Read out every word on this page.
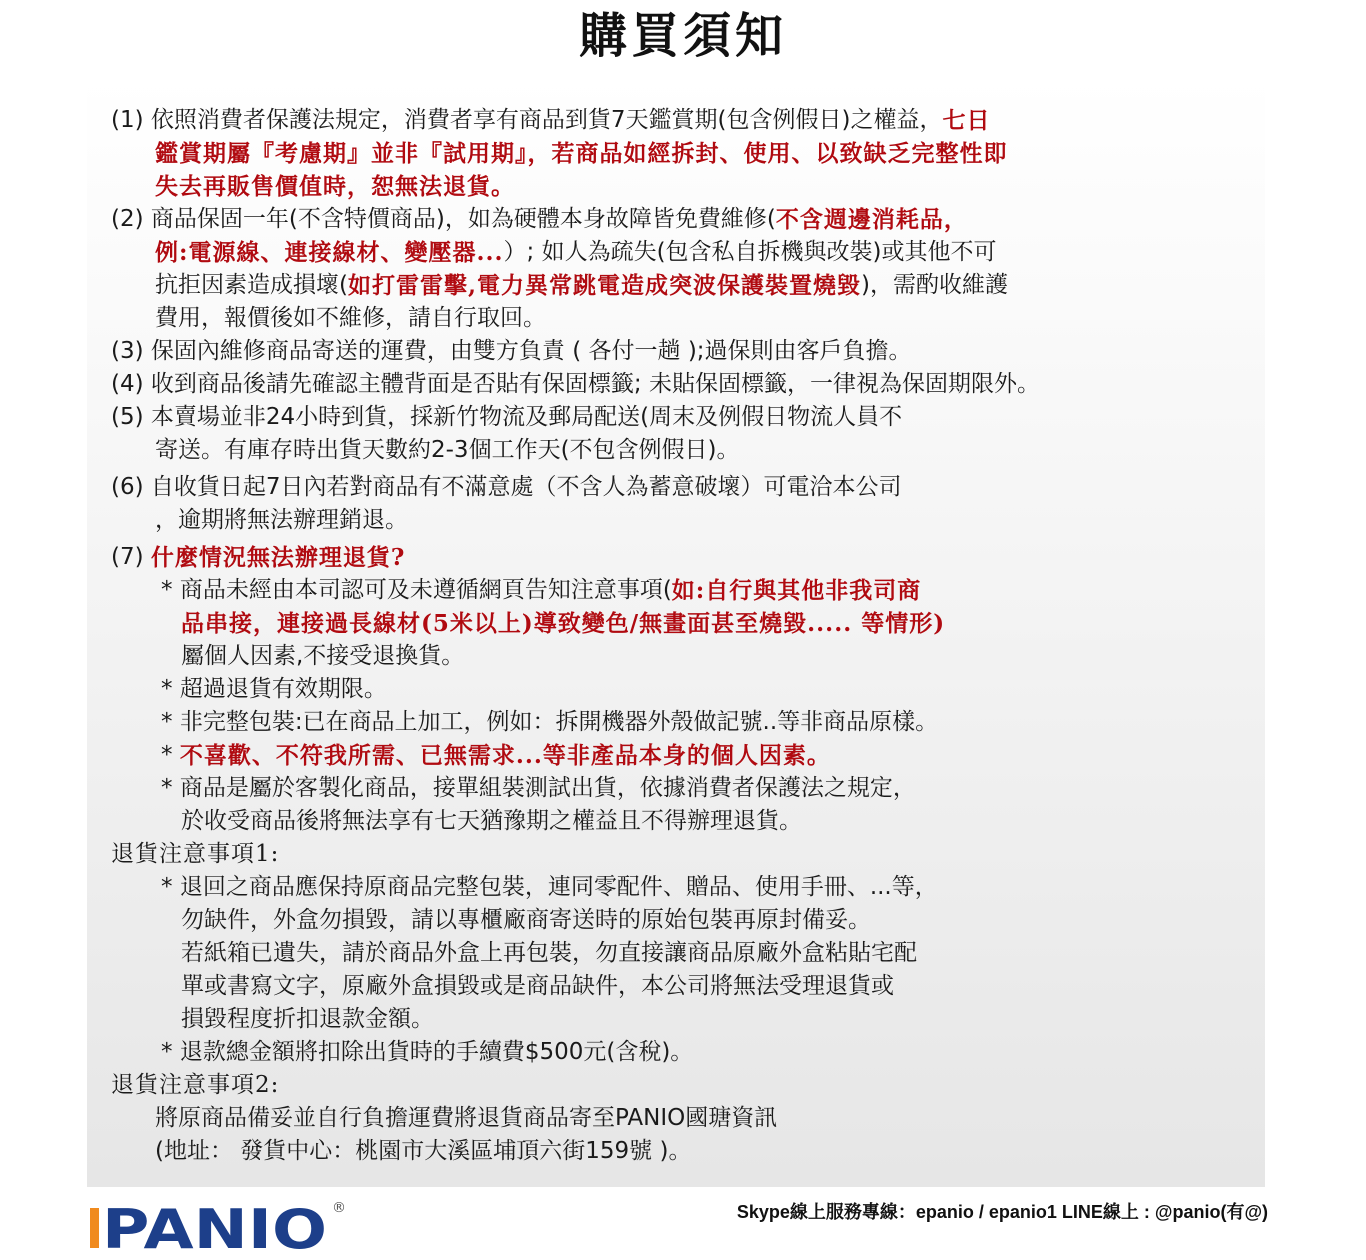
購買須知
(1) 依照消費者保護法規定，消費者享有商品到貨7天鑑賞期(包含例假日)之權益，七日
鑑賞期屬『考慮期』並非『試用期』，若商品如經拆封、使用、以致缺乏完整性即
失去再販售價值時，恕無法退貨。
(2) 商品保固一年(不含特價商品)，如為硬體本身故障皆免費維修(不含週邊消耗品，
例:電源線、連接線材、變壓器...）; 如人為疏失(包含私自拆機與改裝)或其他不可
抗拒因素造成損壞(如打雷雷擊,電力異常跳電造成突波保護裝置燒毀)，需酌收維護
費用，報價後如不維修，請自行取回。
(3) 保固內維修商品寄送的運費，由雙方負責 ( 各付一趟 );過保則由客戶負擔。
(4) 收到商品後請先確認主體背面是否貼有保固標籤; 未貼保固標籤，一律視為保固期限外。
(5) 本賣場並非24小時到貨，採新竹物流及郵局配送(周末及例假日物流人員不
寄送。有庫存時出貨天數約2-3個工作天(不包含例假日)。
(6) 自收貨日起7日內若對商品有不滿意處（不含人為蓄意破壞）可電洽本公司
，逾期將無法辦理銷退。
(7) 什麼情況無法辦理退貨?
* 商品未經由本司認可及未遵循網頁告知注意事項(如:自行與其他非我司商
品串接，連接過長線材(5米以上)導致變色/無畫面甚至燒毀..... 等情形)
屬個人因素,不接受退換貨。
* 超過退貨有效期限。
* 非完整包裝:已在商品上加工，例如：拆開機器外殼做記號..等非商品原樣。
* 不喜歡、不符我所需、已無需求...等非產品本身的個人因素。
* 商品是屬於客製化商品，接單組裝測試出貨，依據消費者保護法之規定，
於收受商品後將無法享有七天猶豫期之權益且不得辦理退貨。
退貨注意事項1:
* 退回之商品應保持原商品完整包裝，連同零配件、贈品、使用手冊、...等，
勿缺件，外盒勿損毀，請以專櫃廠商寄送時的原始包裝再原封備妥。
若紙箱已遺失，請於商品外盒上再包裝，勿直接讓商品原廠外盒粘貼宅配
單或書寫文字，原廠外盒損毀或是商品缺件，本公司將無法受理退貨或
損毀程度折扣退款金額。
* 退款總金額將扣除出貨時的手續費$500元(含稅)。
退貨注意事項2:
將原商品備妥並自行負擔運費將退貨商品寄至PANIO國瑭資訊
(地址： 發貨中心：桃園市大溪區埔頂六街159號 )。
PANIO ®	Skype線上服務專線：epanio / epanio1 LINE線上 : @panio(有@)
